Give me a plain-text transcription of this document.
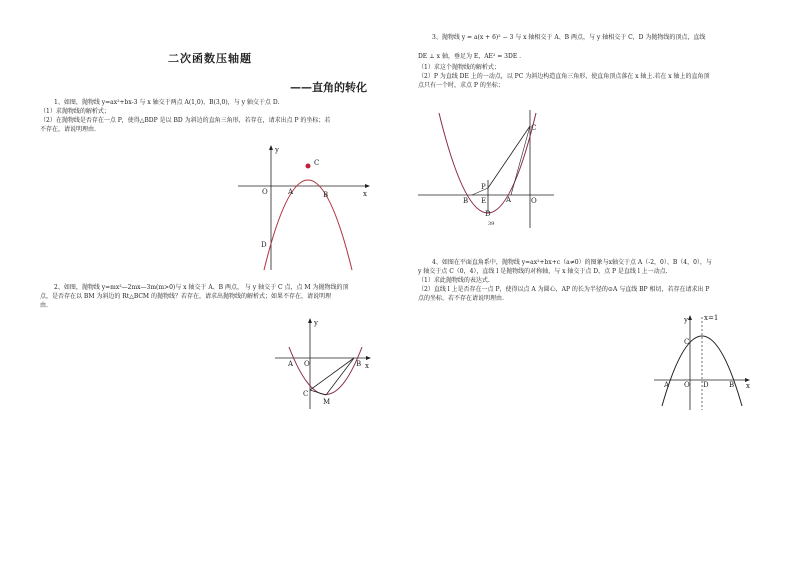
二次函数压轴题
——直角的转化
1、如图，抛物线 y=ax²+bx-3 与 x 轴交于两点 A(1,0)、B(3,0)，与 y 轴交于点 D.
（1）求抛物线的解析式；
（2）在抛物线是否存在一点 P，使得△BDP 是以 BD 为斜边的直角三角形，若存在，请求出点 P 的坐标；若
不存在，请说明理由.
y
x
O	A	B
C
D
2、如图，抛物线 y=mx²—2mx—3m(m>0)与 x 轴交于 A、B 两点， 与 y 轴交于 C 点，点 M 为抛物线的顶
点，是否存在以 BM 为斜边的 Rt△BCM 的抛物线？若存在，请求出抛物线的解析式；如果不存在，请说明理
由.
y
x
O
A	B
C
M
3、抛物线 y = a(x + 6)² − 3 与 x 轴相交于 A、B 两点，与 y 轴相交于 C，D 为抛物线的顶点，直线
DE ⊥ x 轴，垂足为 E，AE² = 3DE .
（1）求这个抛物线的解析式；
（2）P 为直线 DE 上的一动点，以 PC 为斜边构造直角三角形，使直角顶点落在 x 轴上.若在 x 轴上的直角顶
点只有一个时，求点 P 的坐标；
C
P
B E	A	O
D
39
4、如图在平面直角系中，抛物线 y=ax²+bx+c（a≠0）的图象与x轴交于点 A（-2，0）、B（4，0），与
y 轴交于点 C（0，4），直线 l 是抛物线的对称轴，与 x 轴交于点 D，点 P 是直线 l 上一动点.
（1）求此抛物线的表达式.
（2）直线 l 上是否存在一点 P，使得以点 A 为圆心，AP 的长为半径的⊙A 与直线 BP 相切，若存在请求出 P
点的坐标，若不存在请说明理由.
y x=1
x
C
A O D	B
